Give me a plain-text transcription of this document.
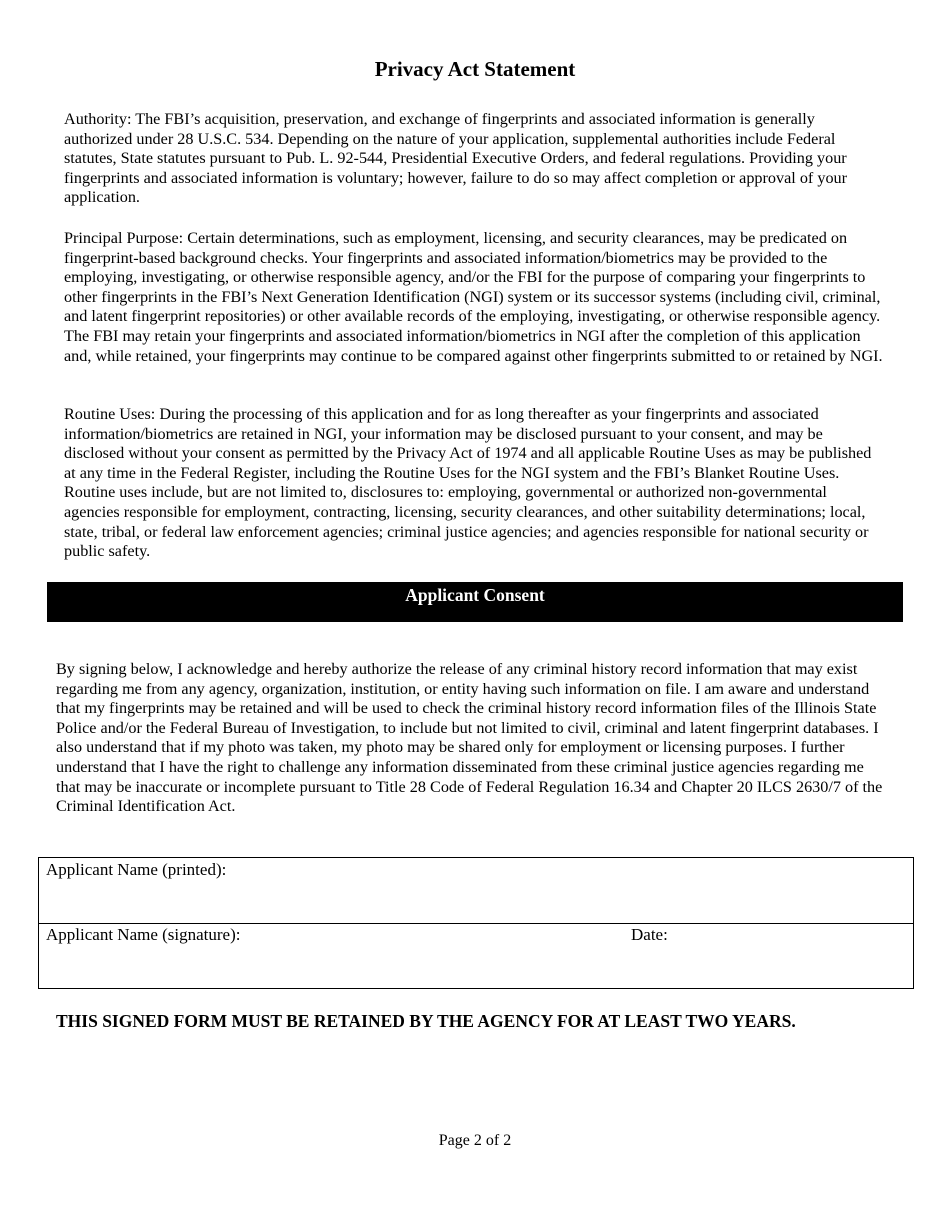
Privacy Act Statement

Authority: The FBI’s acquisition, preservation, and exchange of fingerprints and associated information is generally authorized under 28 U.S.C. 534. Depending on the nature of your application, supplemental authorities include Federal statutes, State statutes pursuant to Pub. L. 92-544, Presidential Executive Orders, and federal regulations. Providing your fingerprints and associated information is voluntary; however, failure to do so may affect completion or approval of your application.

Principal Purpose: Certain determinations, such as employment, licensing, and security clearances, may be predicated on fingerprint-based background checks. Your fingerprints and associated information/biometrics may be provided to the employing, investigating, or otherwise responsible agency, and/or the FBI for the purpose of comparing your fingerprints to other fingerprints in the FBI’s Next Generation Identification (NGI) system or its successor systems (including civil, criminal, and latent fingerprint repositories) or other available records of the employing, investigating, or otherwise responsible agency. The FBI may retain your fingerprints and associated information/biometrics in NGI after the completion of this application and, while retained, your fingerprints may continue to be compared against other fingerprints submitted to or retained by NGI.

Routine Uses: During the processing of this application and for as long thereafter as your fingerprints and associated information/biometrics are retained in NGI, your information may be disclosed pursuant to your consent, and may be disclosed without your consent as permitted by the Privacy Act of 1974 and all applicable Routine Uses as may be published at any time in the Federal Register, including the Routine Uses for the NGI system and the FBI’s Blanket Routine Uses. Routine uses include, but are not limited to, disclosures to: employing, governmental or authorized non-governmental agencies responsible for employment, contracting, licensing, security clearances, and other suitability determinations; local, state, tribal, or federal law enforcement agencies; criminal justice agencies; and agencies responsible for national security or public safety.

Applicant Consent

By signing below, I acknowledge and hereby authorize the release of any criminal history record information that may exist regarding me from any agency, organization, institution, or entity having such information on file. I am aware and understand that my fingerprints may be retained and will be used to check the criminal history record information files of the Illinois State Police and/or the Federal Bureau of Investigation, to include but not limited to civil, criminal and latent fingerprint databases. I also understand that if my photo was taken, my photo may be shared only for employment or licensing purposes. I further understand that I have the right to challenge any information disseminated from these criminal justice agencies regarding me that may be inaccurate or incomplete pursuant to Title 28 Code of Federal Regulation 16.34 and Chapter 20 ILCS 2630/7 of the Criminal Identification Act.

Applicant Name (printed):
Applicant Name (signature):	Date:
THIS SIGNED FORM MUST BE RETAINED BY THE AGENCY FOR AT LEAST TWO YEARS.
Page 2 of 2
